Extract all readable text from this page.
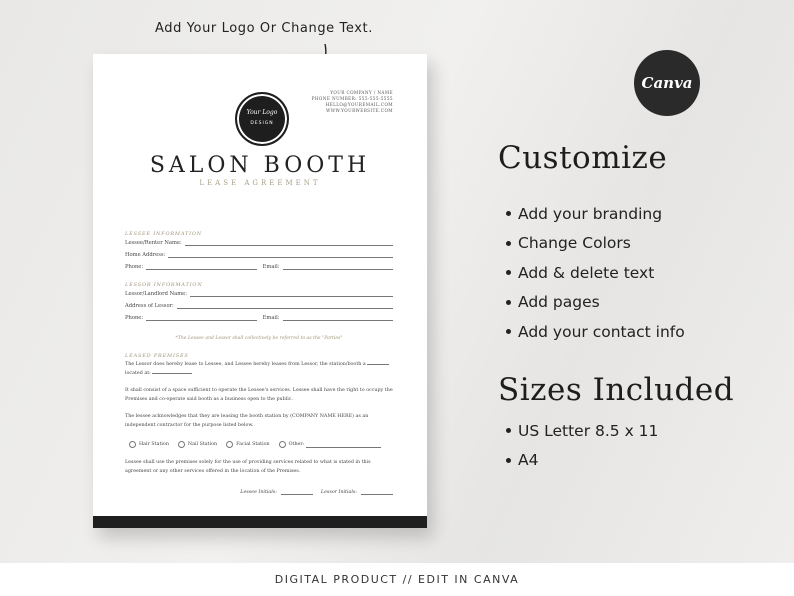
Add Your Logo Or Change Text.
YOUR COMPANY / NAME
PHONE NUMBER: 555-555-5555
HELLO@YOUREMAIL.COM
WWW.YOURWEBSITE.COM
Your Logo
DESIGN
SALON BOOTH
LEASE AGREEMENT
LESSEE INFORMATION
Lessee/Renter Name:
Home Address:
Phone:	Email:
LESSOR INFORMATION
Lessor/Landlord Name:
Address of Lessor:
Phone:	Email:
*The Lessee and Lessor shall collectively be referred to as the "Parties"
LEASED PREMISES
The Lessor does hereby lease to Lessee, and Lessee hereby leases from Lessor, the station/booth a
located at:
It shall consist of a space sufficient to operate the Lessee's services. Lessee shall have the right to occupy the Premises and co-operate said booth as a business open to the public.
The lessee acknowledges that they are leasing the booth station by (COMPANY NAME HERE) as an independent contractor for the purpose listed below.
Hair Station	Nail Station	Facial Station	Other:
Lessee shall use the premises solely for the use of providing services related to what is stated in this agreement or any other services offered in the location of the Premises.
Lessee Initials:	Lessor Initials:
Canva
Customize
Add your branding
Change Colors
Add & delete text
Add pages
Add your contact info
Sizes Included
US Letter 8.5 x 11
A4
DIGITAL PRODUCT // EDIT IN CANVA
